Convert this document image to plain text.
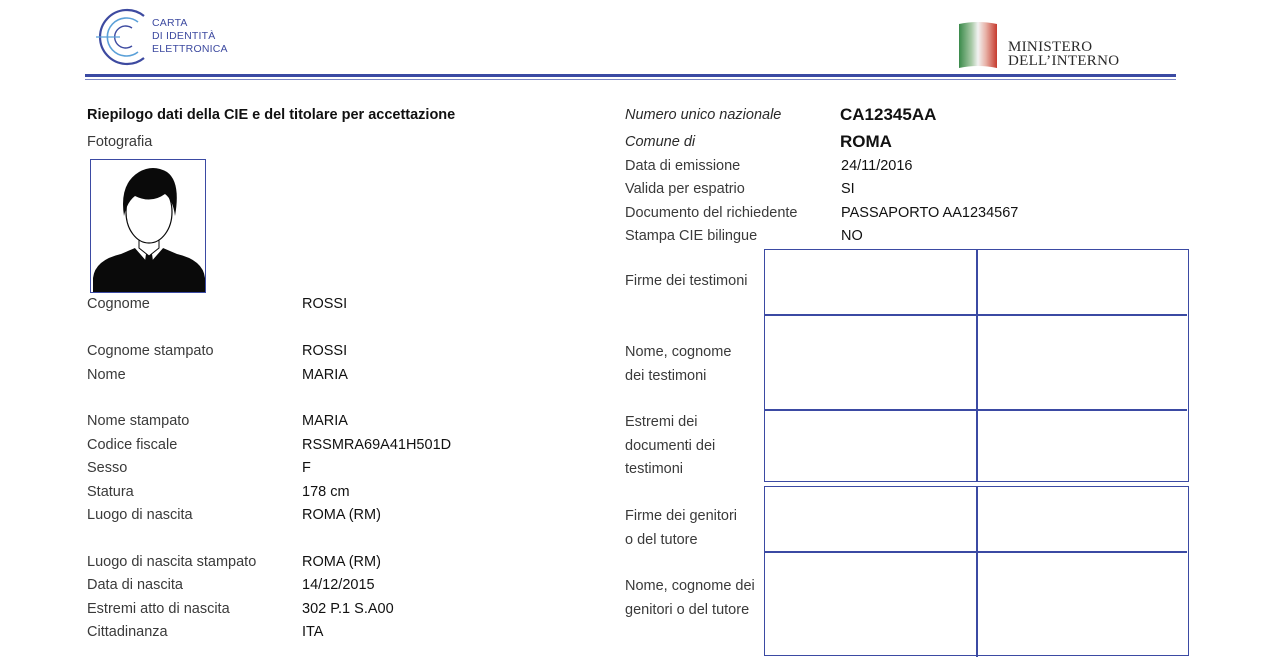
CARTA
DI IDENTITÀ
ELETTRONICA	MINISTERO
DELL’INTERNO
Riepilogo dati della CIE e del titolare per accettazione
Fotografia
Cognome	ROSSI
Cognome stampato	ROSSI
Nome	MARIA
Nome stampato	MARIA
Codice fiscale	RSSMRA69A41H501D
Sesso	F
Statura	178 cm
Luogo di nascita	ROMA (RM)
Luogo di nascita stampato	ROMA (RM)
Data di nascita	14/12/2015
Estremi atto di nascita	302 P.1 S.A00
Cittadinanza	ITA
Numero unico nazionale	CA12345AA
Comune di	ROMA
Data di emissione	24/11/2016
Valida per espatrio	SI
Documento del richiedente	PASSAPORTO AA1234567
Stampa CIE bilingue	NO
Firme dei testimoni
Nome, cognome
dei testimoni
Estremi dei
documenti dei
testimoni
Firme dei genitori
o del tutore
Nome, cognome dei
genitori o del tutore
